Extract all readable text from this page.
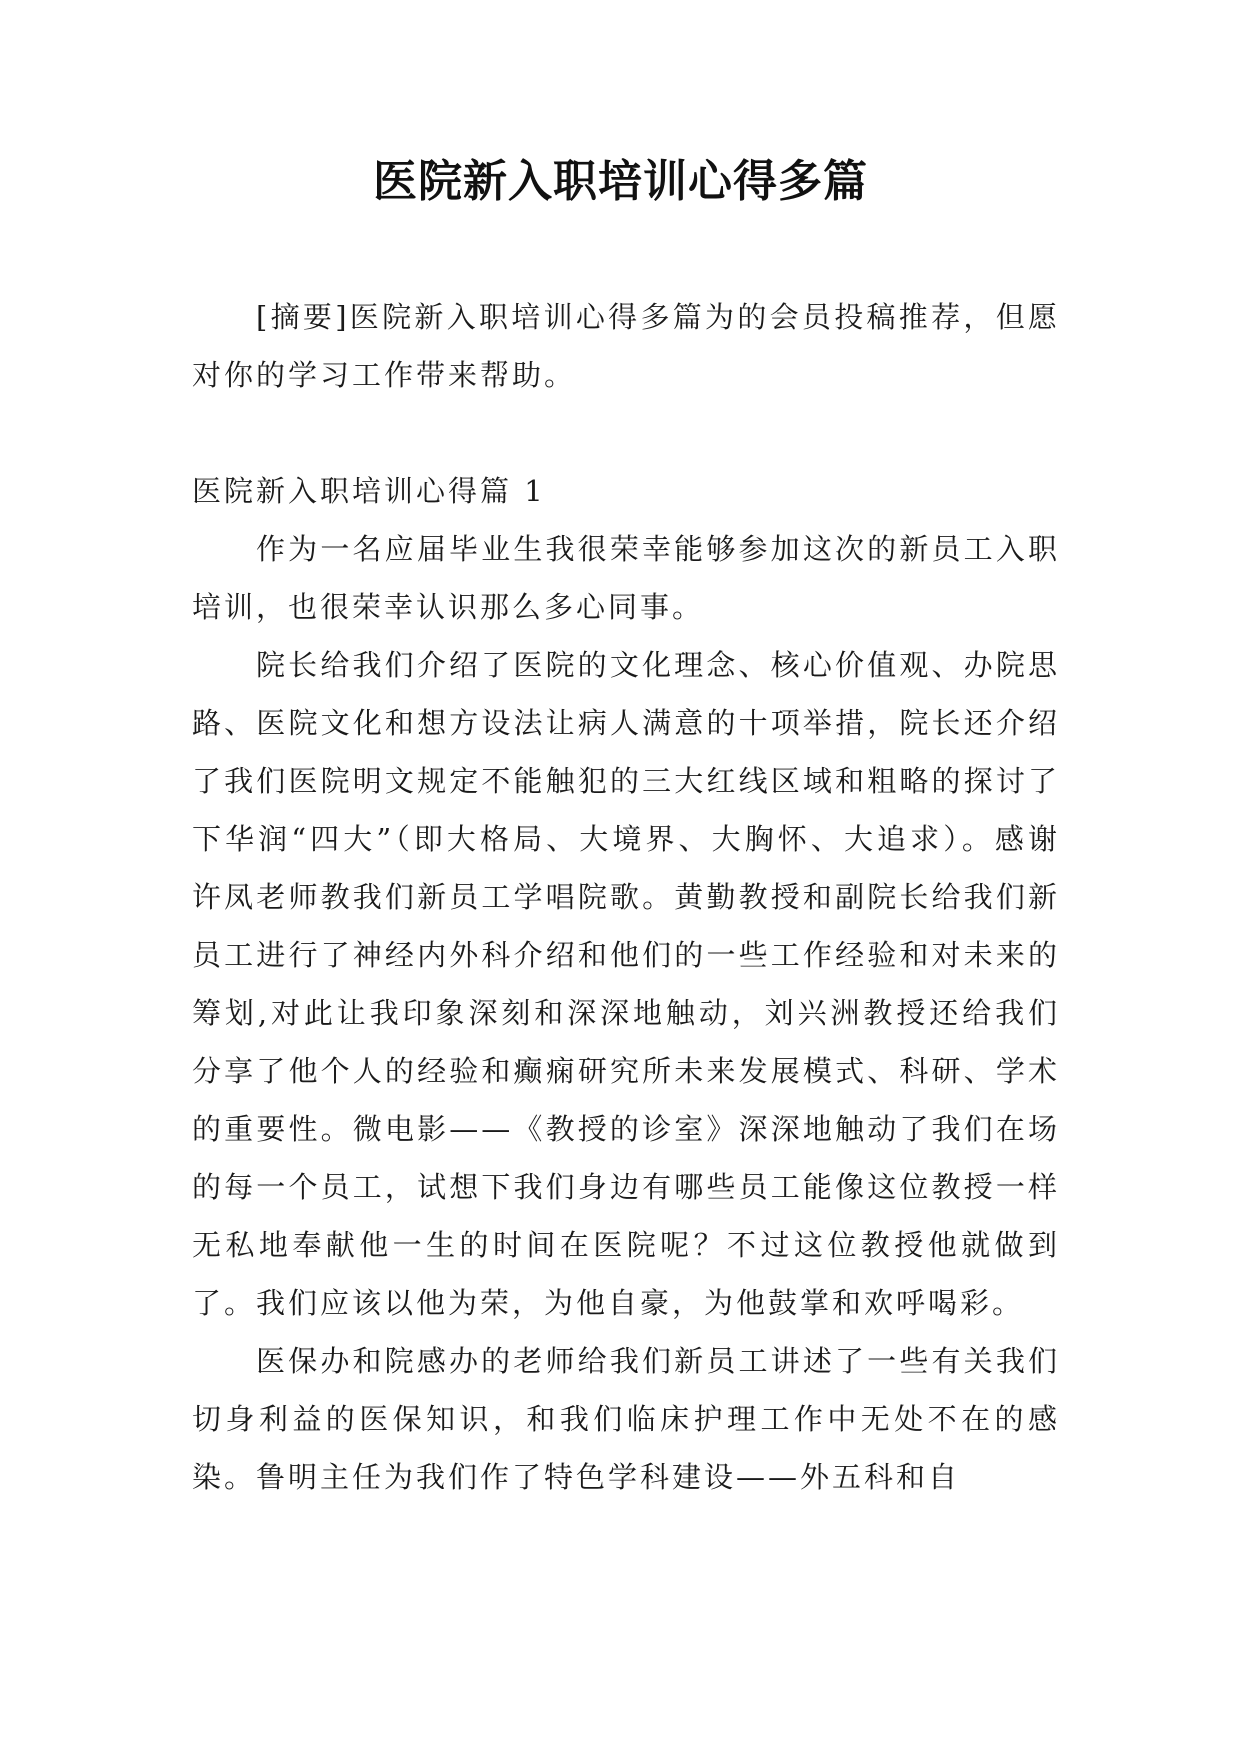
医院新入职培训心得多篇

[摘要]医院新入职培训心得多篇为的会员投稿推荐，但愿对你的学习工作带来帮助。

医院新入职培训心得篇 1

作为一名应届毕业生我很荣幸能够参加这次的新员工入职培训，也很荣幸认识那么多心同事。

院长给我们介绍了医院的文化理念、核心价值观、办院思路、医院文化和想方设法让病人满意的十项举措，院长还介绍了我们医院明文规定不能触犯的三大红线区域和粗略的探讨了下华润“四大”（即大格局、大境界、大胸怀、大追求）。感谢许凤老师教我们新员工学唱院歌。黄勤教授和副院长给我们新员工进行了神经内外科介绍和他们的一些工作经验和对未来的筹划,对此让我印象深刻和深深地触动，刘兴洲教授还给我们分享了他个人的经验和癫痫研究所未来发展模式、科研、学术的重要性。微电影——《教授的诊室》深深地触动了我们在场的每一个员工，试想下我们身边有哪些员工能像这位教授一样无私地奉献他一生的时间在医院呢？不过这位教授他就做到了。我们应该以他为荣，为他自豪，为他鼓掌和欢呼喝彩。

医保办和院感办的老师给我们新员工讲述了一些有关我们切身利益的医保知识，和我们临床护理工作中无处不在的感染。鲁明主任为我们作了特色学科建设——外五科和自
